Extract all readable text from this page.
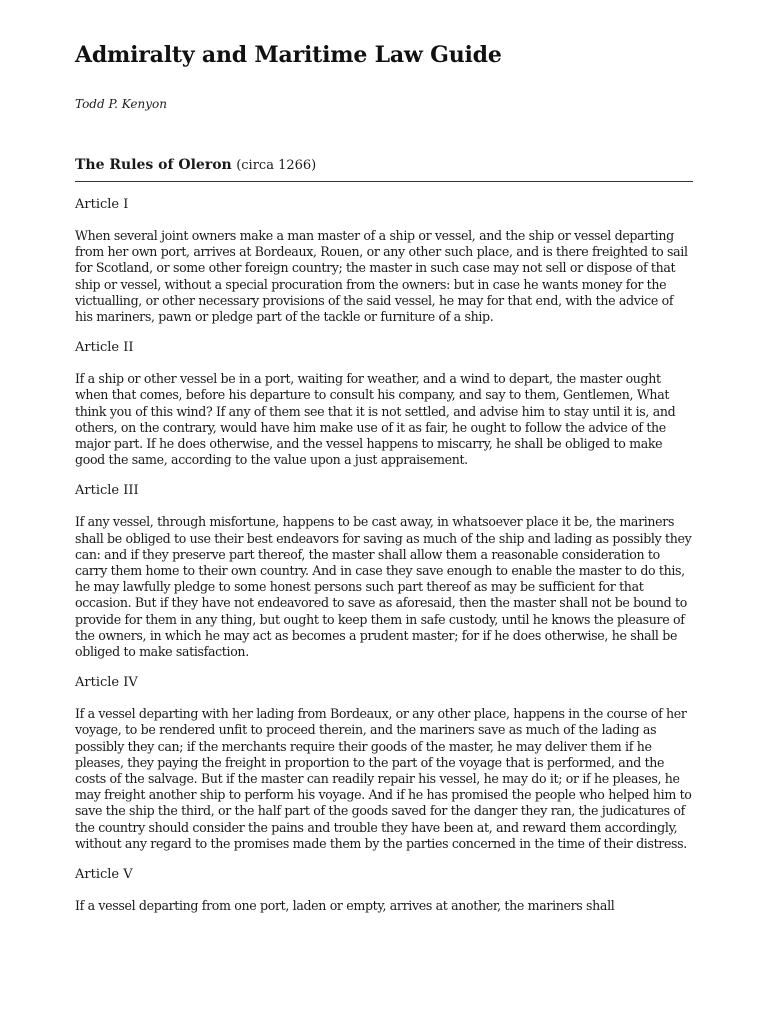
Admiralty and Maritime Law Guide
Todd P. Kenyon
The Rules of Oleron (circa 1266)
Article I

When several joint owners make a man master of a ship or vessel, and the ship or vessel departing from her own port, arrives at Bordeaux, Rouen, or any other such place, and is there freighted to sail for Scotland, or some other foreign country; the master in such case may not sell or dispose of that ship or vessel, without a special procuration from the owners: but in case he wants money for the victualling, or other necessary provisions of the said vessel, he may for that end, with the advice of his mariners, pawn or pledge part of the tackle or furniture of a ship.

Article II

If a ship or other vessel be in a port, waiting for weather, and a wind to depart, the master ought when that comes, before his departure to consult his company, and say to them, Gentlemen, What think you of this wind? If any of them see that it is not settled, and advise him to stay until it is, and others, on the contrary, would have him make use of it as fair, he ought to follow the advice of the major part. If he does otherwise, and the vessel happens to miscarry, he shall be obliged to make good the same, according to the value upon a just appraisement.

Article III

If any vessel, through misfortune, happens to be cast away, in whatsoever place it be, the mariners shall be obliged to use their best endeavors for saving as much of the ship and lading as possibly they can: and if they preserve part thereof, the master shall allow them a reasonable consideration to carry them home to their own country. And in case they save enough to enable the master to do this, he may lawfully pledge to some honest persons such part thereof as may be sufficient for that occasion. But if they have not endeavored to save as aforesaid, then the master shall not be bound to provide for them in any thing, but ought to keep them in safe custody, until he knows the pleasure of the owners, in which he may act as becomes a prudent master; for if he does otherwise, he shall be obliged to make satisfaction.

Article IV

If a vessel departing with her lading from Bordeaux, or any other place, happens in the course of her voyage, to be rendered unfit to proceed therein, and the mariners save as much of the lading as possibly they can; if the merchants require their goods of the master, he may deliver them if he pleases, they paying the freight in proportion to the part of the voyage that is performed, and the costs of the salvage. But if the master can readily repair his vessel, he may do it; or if he pleases, he may freight another ship to perform his voyage. And if he has promised the people who helped him to save the ship the third, or the half part of the goods saved for the danger they ran, the judicatures of the country should consider the pains and trouble they have been at, and reward them accordingly, without any regard to the promises made them by the parties concerned in the time of their distress.

Article V

If a vessel departing from one port, laden or empty, arrives at another, the mariners shall
